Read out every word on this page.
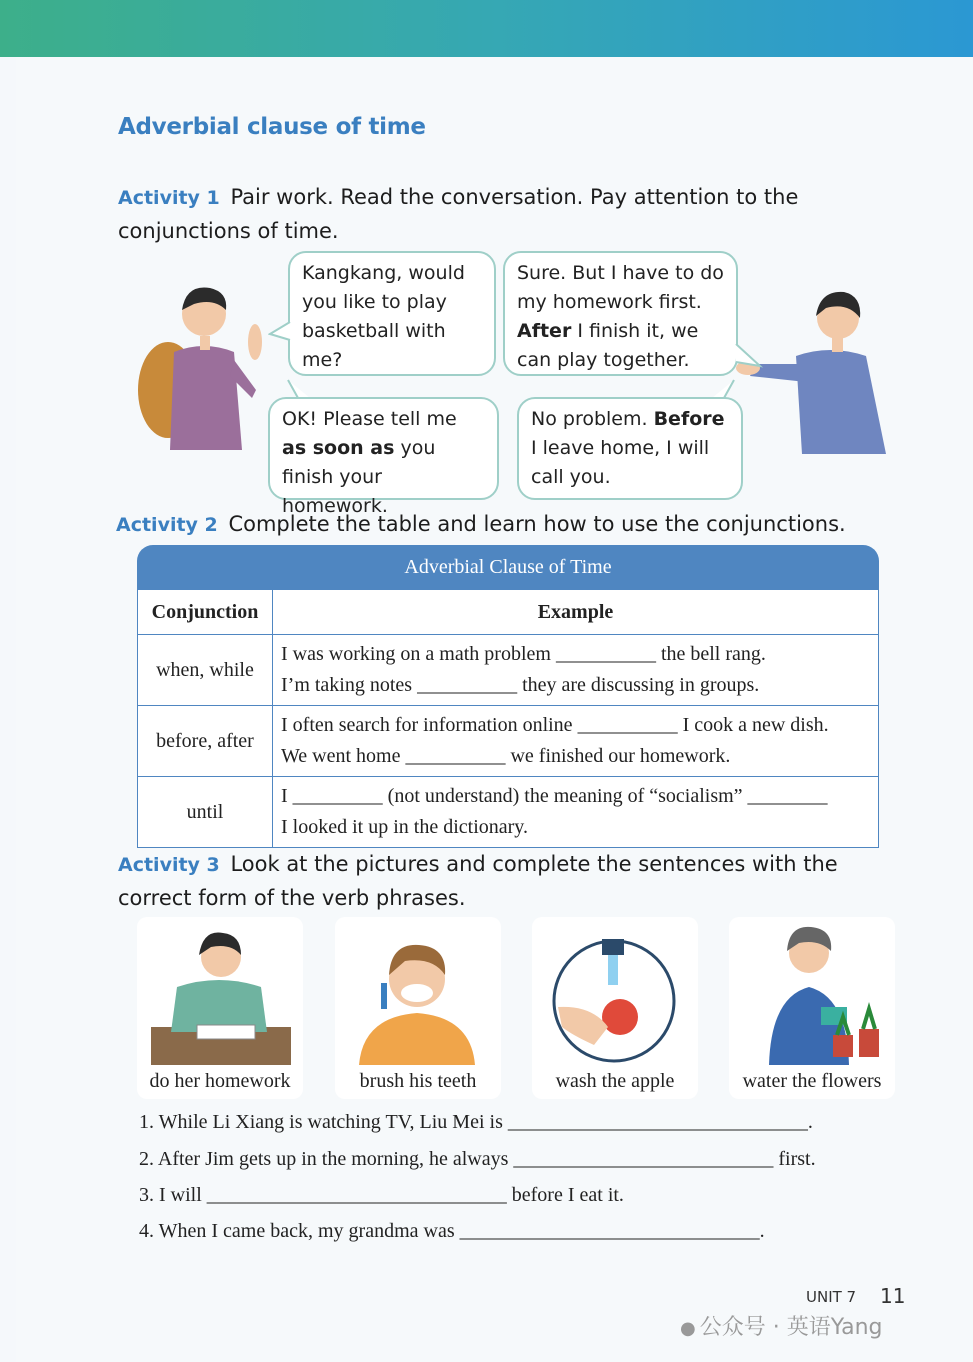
Adverbial clause of time
Activity 1 Pair work. Read the conversation. Pay attention to the conjunctions of time.
Kangkang, would you like to play basketball with me?
Sure. But I have to do my homework first. After I finish it, we can play together.
OK! Please tell me as soon as you finish your homework.
No problem. Before I leave home, I will call you.
Activity 2 Complete the table and learn how to use the conjunctions.
Adverbial Clause of Time
Conjunction	Example
when, while	I was working on a math problem __________ the bell rang.
I’m taking notes __________ they are discussing in groups.

before, after	I often search for information online __________ I cook a new dish.
We went home __________ we finished our homework.

until	I _________ (not understand) the meaning of “socialism” ________
I looked it up in the dictionary.
Activity 3 Look at the pictures and complete the sentences with the correct form of the verb phrases.
do her homework	brush his teeth	wash the apple	water the flowers
1. While Li Xiang is watching TV, Liu Mei is ______________________________.
2. After Jim gets up in the morning, he always __________________________ first.
3. I will ______________________________ before I eat it.
4. When I came back, my grandma was ______________________________.
UNIT 7 11
● 公众号 · 英语Yang
